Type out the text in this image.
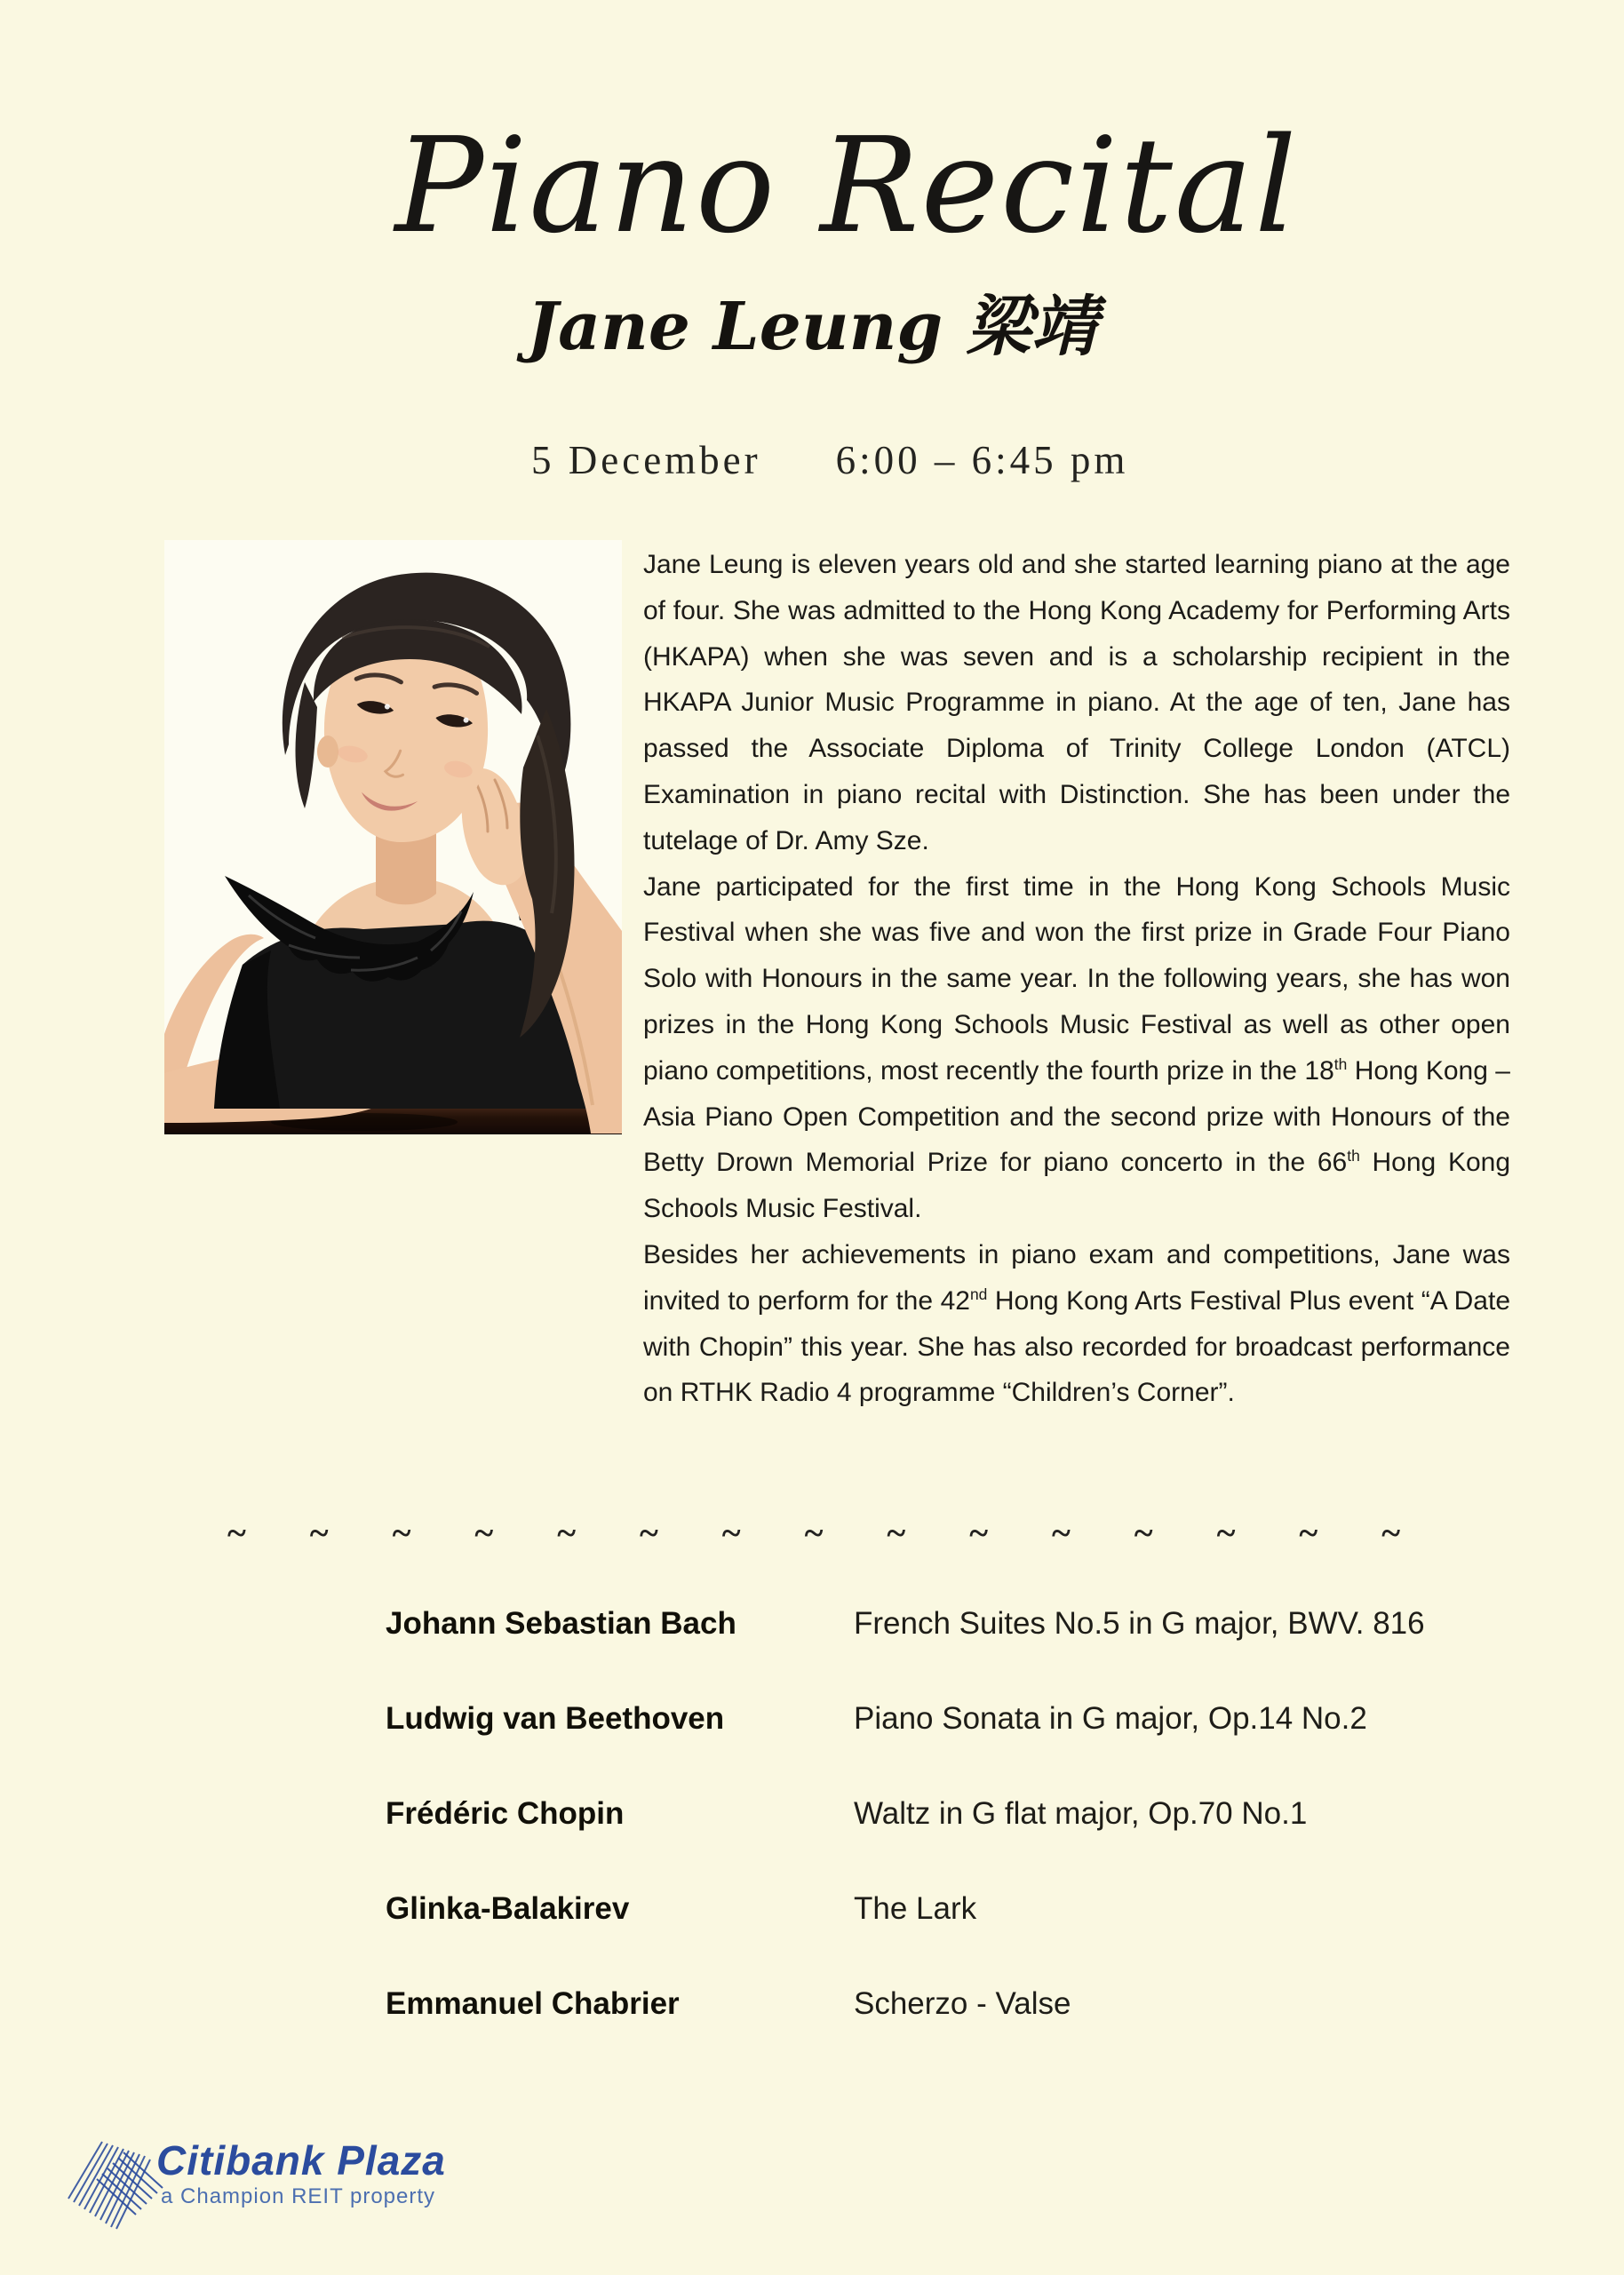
Piano Recital
Jane Leung 梁靖
5 December 6:00 – 6:45 pm

Jane Leung is eleven years old and she started learning piano at the age of four. She was admitted to the Hong Kong Academy for Performing Arts (HKAPA) when she was seven and is a scholarship recipient in the HKAPA Junior Music Programme in piano. At the age of ten, Jane has passed the Associate Diploma of Trinity College London (ATCL) Examination in piano recital with Distinction. She has been under the tutelage of Dr. Amy Sze.

Jane participated for the first time in the Hong Kong Schools Music Festival when she was five and won the first prize in Grade Four Piano Solo with Honours in the same year. In the following years, she has won prizes in the Hong Kong Schools Music Festival as well as other open piano competitions, most recently the fourth prize in the 18th Hong Kong – Asia Piano Open Competition and the second prize with Honours of the Betty Drown Memorial Prize for piano concerto in the 66th Hong Kong Schools Music Festival.

Besides her achievements in piano exam and competitions, Jane was invited to perform for the 42nd Hong Kong Arts Festival Plus event “A Date with Chopin” this year. She has also recorded for broadcast performance on RTHK Radio 4 programme “Children’s Corner”.

~~~~~~~~~~~~~~~
Johann Sebastian Bach	French Suites No.5 in G major, BWV. 816
Ludwig van Beethoven	Piano Sonata in G major, Op.14 No.2
Frédéric Chopin	Waltz in G flat major, Op.70 No.1
Glinka-Balakirev	The Lark
Emmanuel Chabrier	Scherzo - Valse
Citibank Plaza
a Champion REIT property
